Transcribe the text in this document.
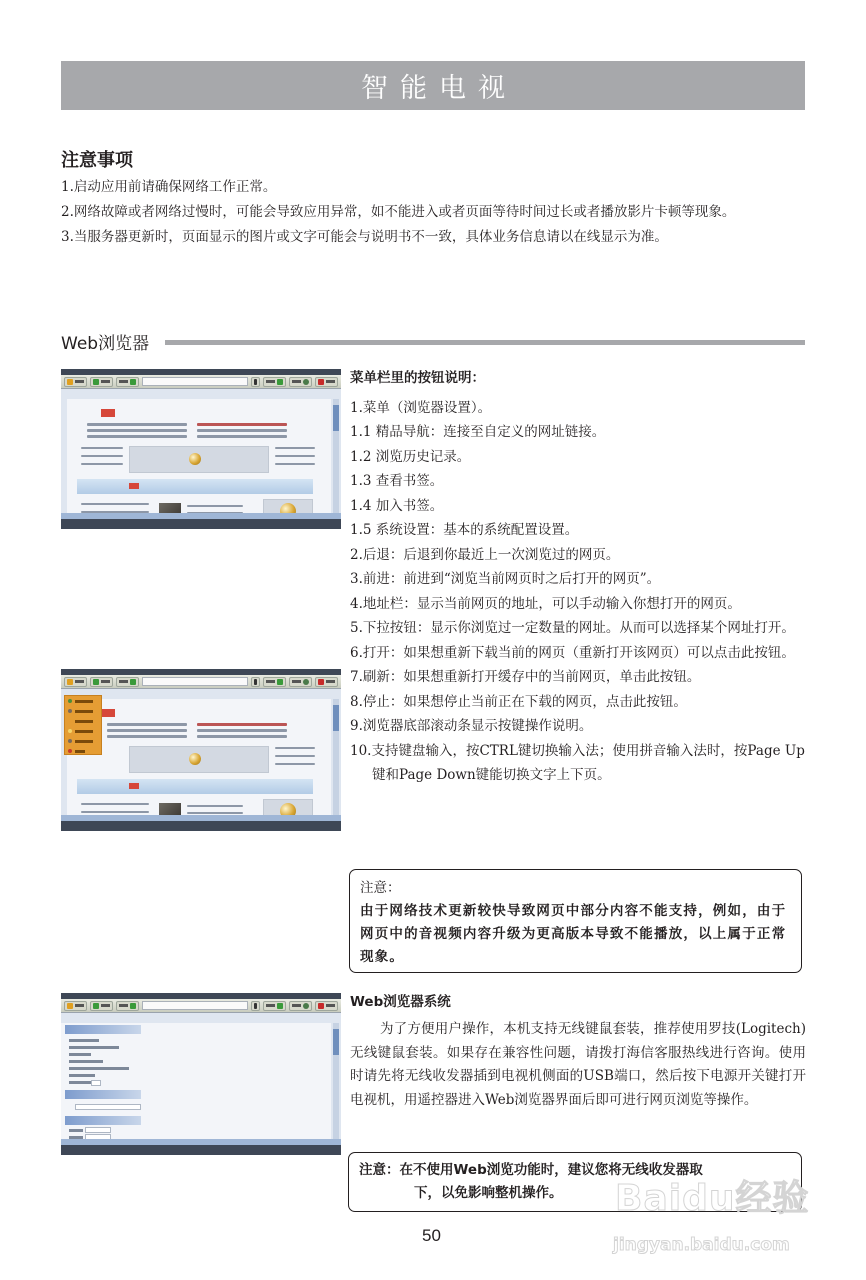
智能电视
注意事项
1.启动应用前请确保网络工作正常。
2.网络故障或者网络过慢时，可能会导致应用异常，如不能进入或者页面等待时间过长或者播放影片卡顿等现象。
3.当服务器更新时，页面显示的图片或文字可能会与说明书不一致，具体业务信息请以在线显示为准。
Web浏览器
菜单栏里的按钮说明：
1.菜单（浏览器设置）。
1.1 精品导航：连接至自定义的网址链接。
1.2 浏览历史记录。
1.3 查看书签。
1.4 加入书签。
1.5 系统设置：基本的系统配置设置。
2.后退：后退到你最近上一次浏览过的网页。
3.前进：前进到“浏览当前网页时之后打开的网页”。
4.地址栏：显示当前网页的地址，可以手动输入你想打开的网页。
5.下拉按钮：显示你浏览过一定数量的网址。从而可以选择某个网址打开。
6.打开：如果想重新下载当前的网页（重新打开该网页）可以点击此按钮。
7.刷新：如果想重新打开缓存中的当前网页，单击此按钮。
8.停止：如果想停止当前正在下载的网页，点击此按钮。
9.浏览器底部滚动条显示按键操作说明。
10.支持键盘输入，按CTRL键切换输入法；使用拼音输入法时，按Page Up键和Page Down键能切换文字上下页。
注意：
由于网络技术更新较快导致网页中部分内容不能支持，例如，由于网页中的音视频内容升级为更高版本导致不能播放，以上属于正常现象。
Web浏览器系统
为了方便用户操作，本机支持无线键鼠套装，推荐使用罗技(Logitech)无线键鼠套装。如果存在兼容性问题，请拨打海信客服热线进行咨询。使用时请先将无线收发器插到电视机侧面的USB端口，然后按下电源开关键打开电视机，用遥控器进入Web浏览器界面后即可进行网页浏览等操作。
注意：在不使用Web浏览功能时，建议您将无线收发器取
下，以免影响整机操作。
50
Baidu经验
jingyan.baidu.com
